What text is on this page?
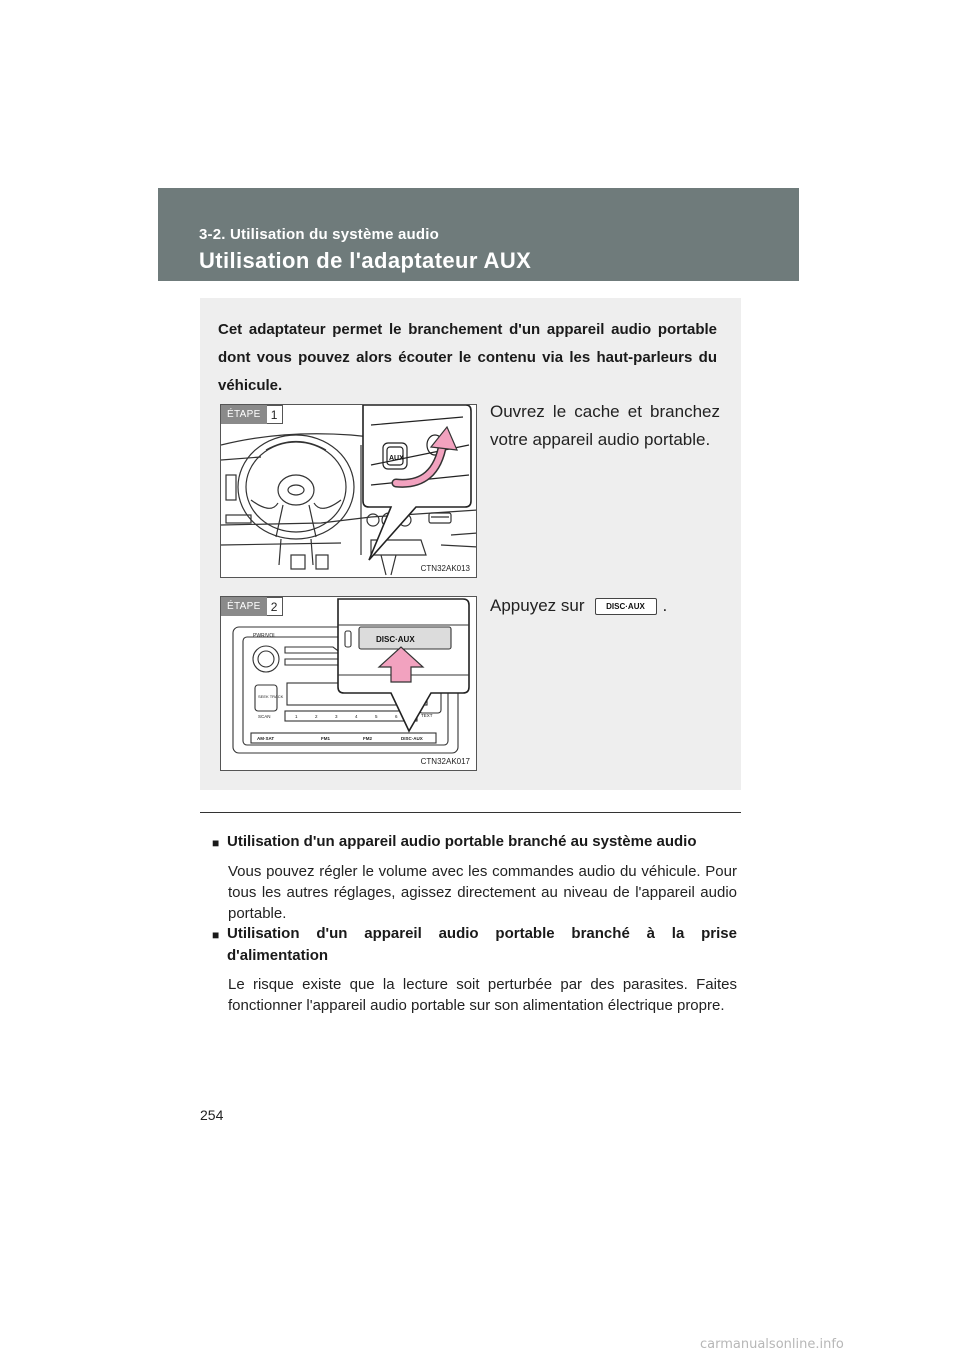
3-2. Utilisation du système audio
Utilisation de l'adaptateur AUX

Cet adaptateur permet le branchement d'un appareil audio portable dont vous pouvez alors écouter le contenu via les haut-parleurs du véhicule.

ÉTAPE 1
AUX
CTN32AK013

Ouvrez le cache et branchez votre appareil audio portable.

ÉTAPE 2
PWR/VOL
SEEK TRACK
SCAN	TEXT
1	2	3	4	5	6
AM·SAT	FM1	FM2	DISC·AUX
DISC·AUX
CTN32AK017

Appuyez sur	DISC·AUX .

■ Utilisation d'un appareil audio portable branché au système audio

Vous pouvez régler le volume avec les commandes audio du véhicule. Pour tous les autres réglages, agissez directement au niveau de l'appareil audio portable.

■ Utilisation d'un appareil audio portable branché à la prise d'alimentation

Le risque existe que la lecture soit perturbée par des parasites. Faites fonctionner l'appareil audio portable sur son alimentation électrique propre.

254
carmanualsonline.info
